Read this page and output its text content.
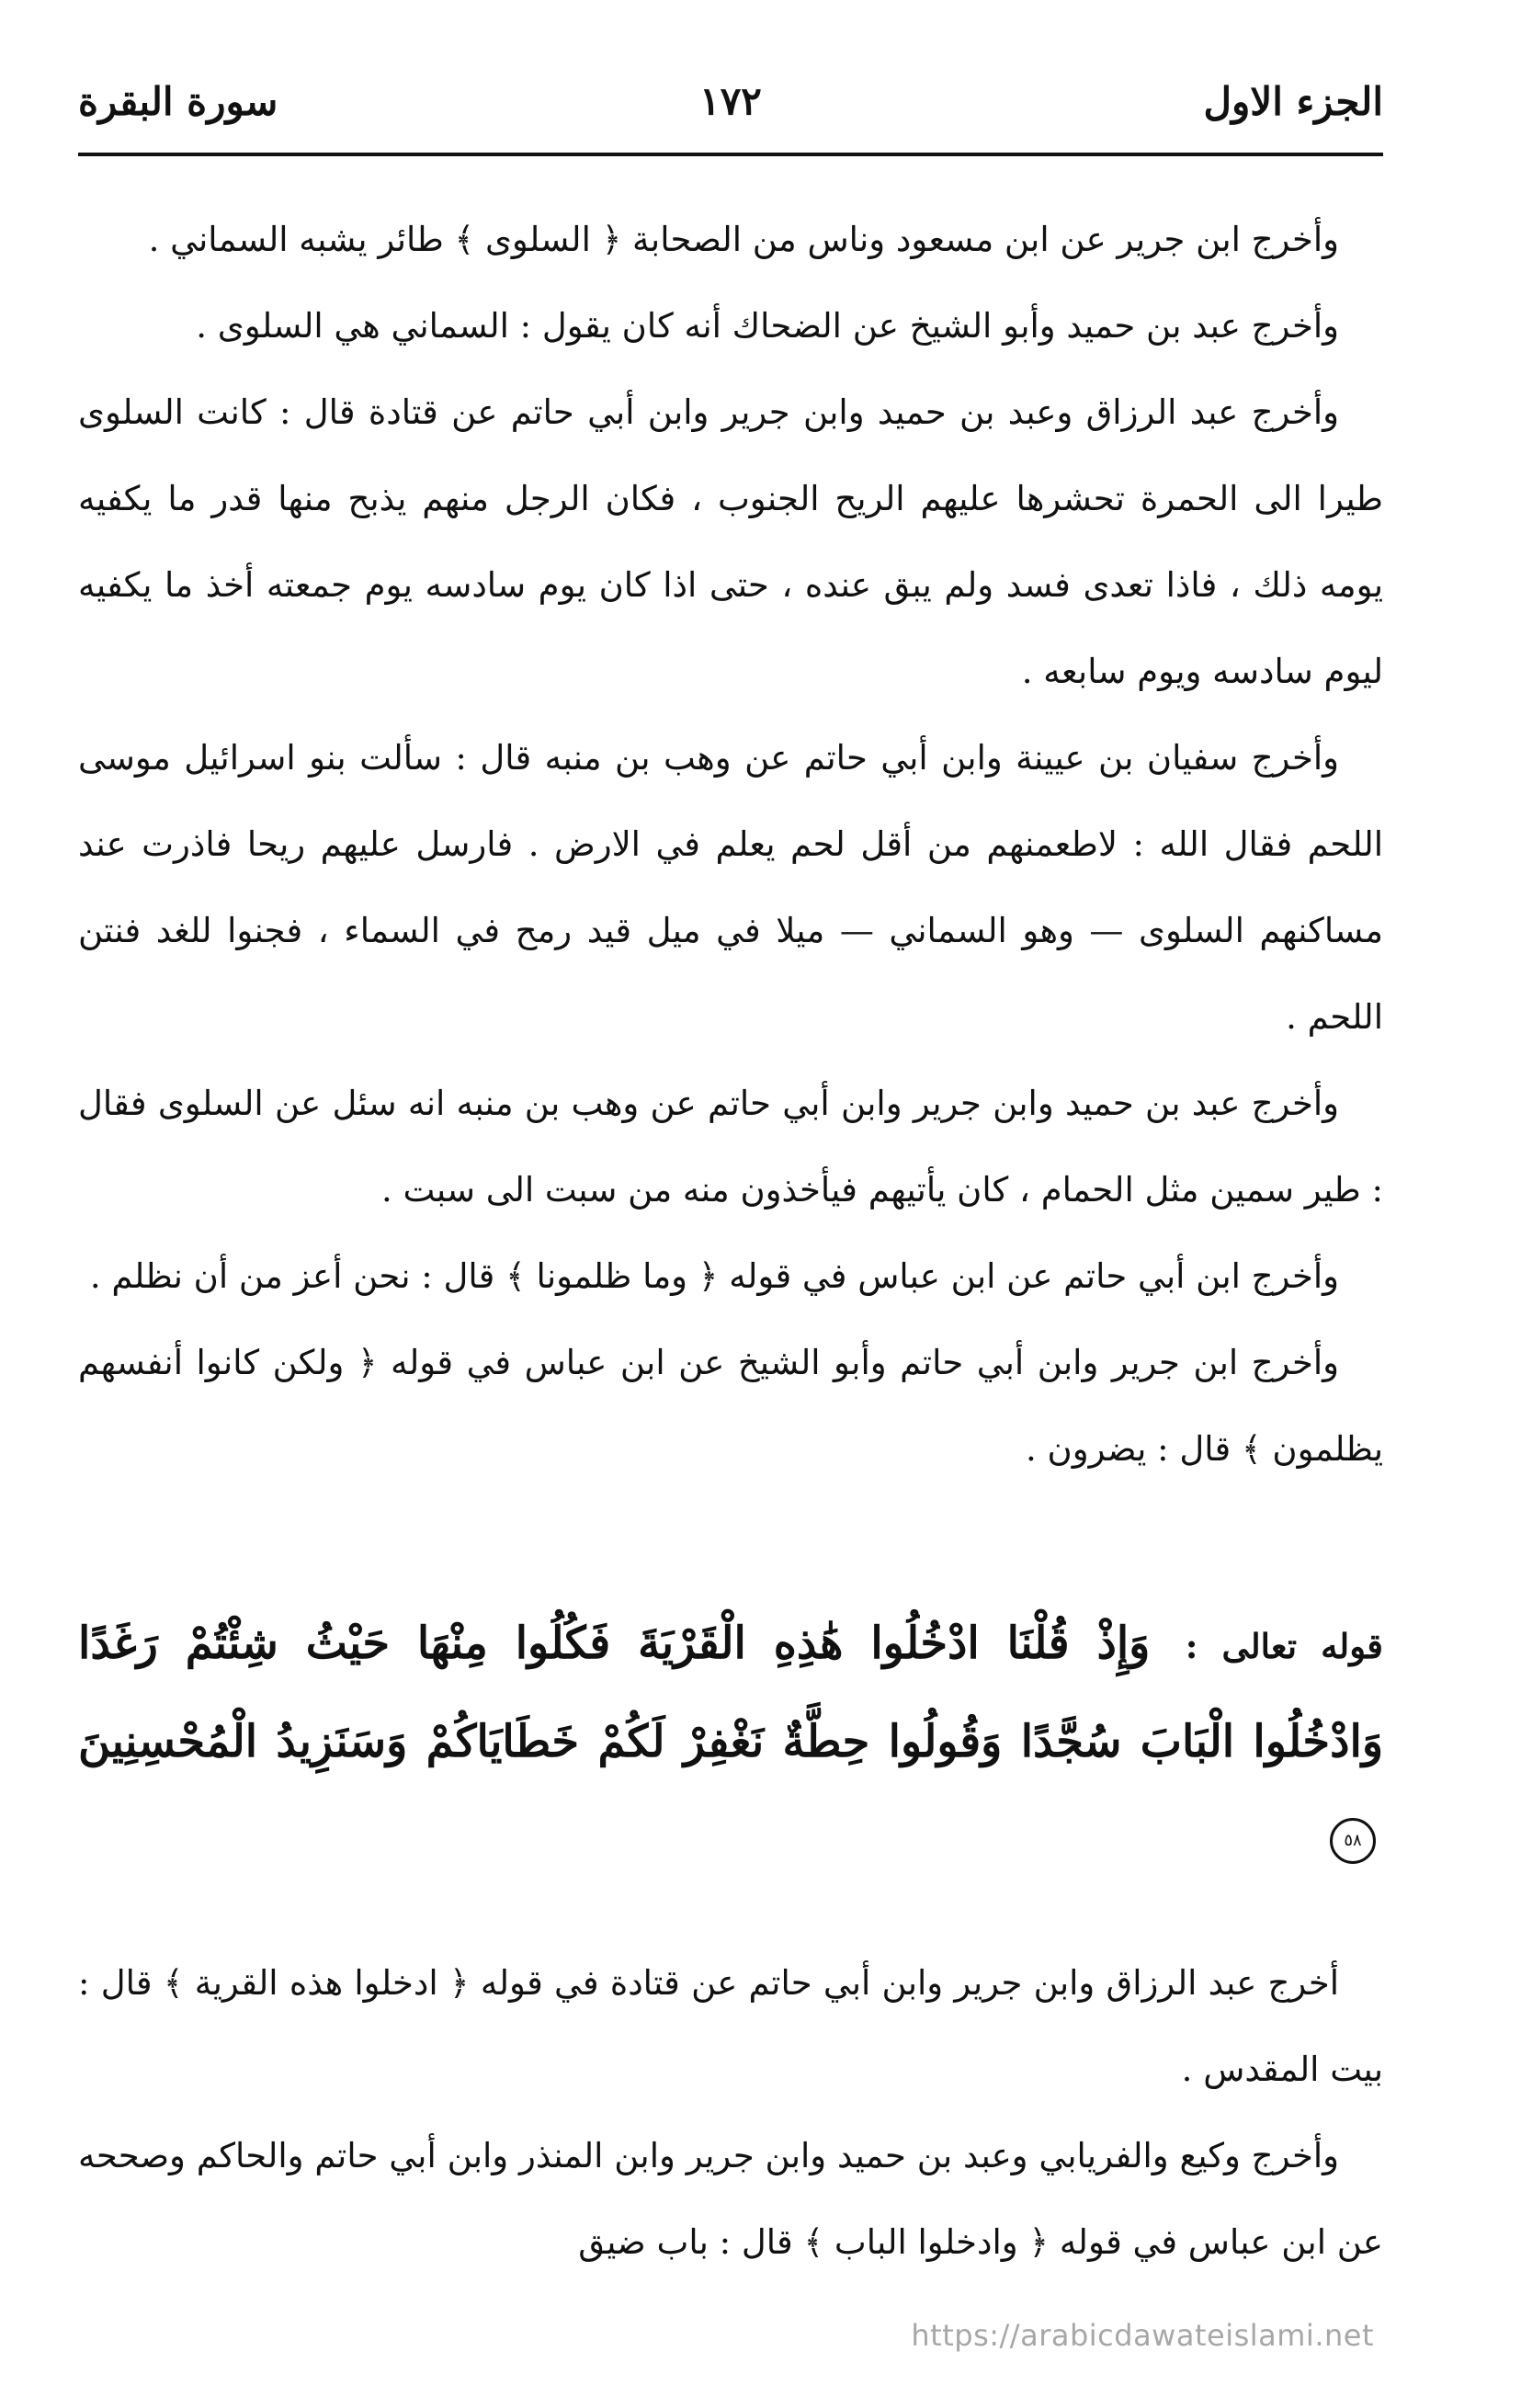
الجزء الاول
١٧٢
سورة البقرة

وأخرج ابن جرير عن ابن مسعود وناس من الصحابة ﴿ السلوى ﴾ طائر يشبه السماني .

وأخرج عبد بن حميد وأبو الشيخ عن الضحاك أنه كان يقول : السماني هي السلوى .

وأخرج عبد الرزاق وعبد بن حميد وابن جرير وابن أبي حاتم عن قتادة قال : كانت السلوى طيرا الى الحمرة تحشرها عليهم الريح الجنوب ، فكان الرجل منهم يذبح منها قدر ما يكفيه يومه ذلك ، فاذا تعدى فسد ولم يبق عنده ، حتى اذا كان يوم سادسه يوم جمعته أخذ ما يكفيه ليوم سادسه ويوم سابعه .

وأخرج سفيان بن عيينة وابن أبي حاتم عن وهب بن منبه قال : سألت بنو اسرائيل موسى اللحم فقال الله : لاطعمنهم من أقل لحم يعلم في الارض . فارسل عليهم ريحا فاذرت عند مساكنهم السلوى — وهو السماني — ميلا في ميل قيد رمح في السماء ، فجنوا للغد فنتن اللحم .

وأخرج عبد بن حميد وابن جرير وابن أبي حاتم عن وهب بن منبه انه سئل عن السلوى فقال : طير سمين مثل الحمام ، كان يأتيهم فيأخذون منه من سبت الى سبت .

وأخرج ابن أبي حاتم عن ابن عباس في قوله ﴿ وما ظلمونا ﴾ قال : نحن أعز من أن نظلم .

وأخرج ابن جرير وابن أبي حاتم وأبو الشيخ عن ابن عباس في قوله ﴿ ولكن كانوا أنفسهم يظلمون ﴾ قال : يضرون .

قوله تعالى : وَإِذْ قُلْنَا ادْخُلُوا هَٰذِهِ الْقَرْيَةَ فَكُلُوا مِنْهَا حَيْثُ شِئْتُمْ رَغَدًا وَادْخُلُوا الْبَابَ سُجَّدًا وَقُولُوا حِطَّةٌ نَغْفِرْ لَكُمْ خَطَايَاكُمْ وَسَنَزِيدُ الْمُحْسِنِينَ ٥٨

أخرج عبد الرزاق وابن جرير وابن أبي حاتم عن قتادة في قوله ﴿ ادخلوا هذه القرية ﴾ قال : بيت المقدس .

وأخرج وكيع والفريابي وعبد بن حميد وابن جرير وابن المنذر وابن أبي حاتم والحاكم وصححه عن ابن عباس في قوله ﴿ وادخلوا الباب ﴾ قال : باب ضيق

https://arabicdawateislami.net
